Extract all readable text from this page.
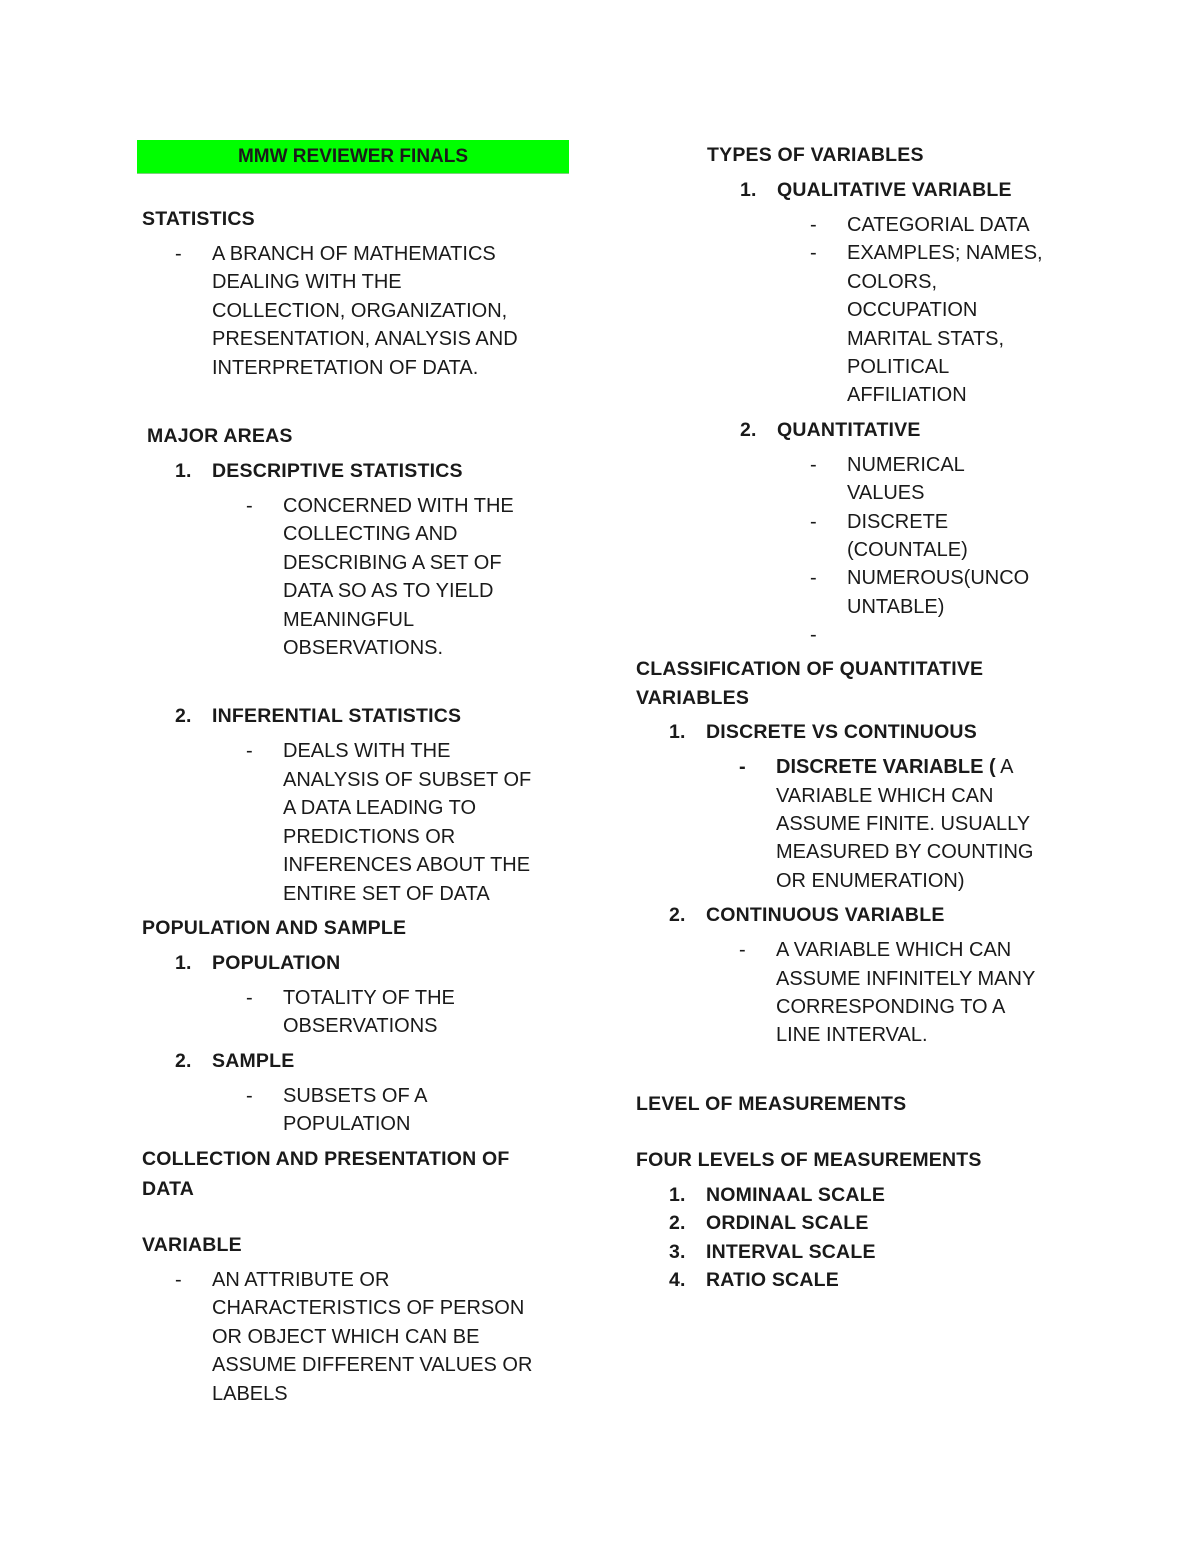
MMW REVIEWER FINALS
STATISTICS
-	A BRANCH OF MATHEMATICS
DEALING WITH THE
COLLECTION, ORGANIZATION,
PRESENTATION, ANALYSIS AND
INTERPRETATION OF DATA.
MAJOR AREAS
1.	DESCRIPTIVE STATISTICS
-	CONCERNED WITH THE
COLLECTING AND
DESCRIBING A SET OF
DATA SO AS TO YIELD
MEANINGFUL
OBSERVATIONS.
2.	INFERENTIAL STATISTICS
-	DEALS WITH THE
ANALYSIS OF SUBSET OF
A DATA LEADING TO
PREDICTIONS OR
INFERENCES ABOUT THE
ENTIRE SET OF DATA
POPULATION AND SAMPLE
1.	POPULATION
-	TOTALITY OF THE
OBSERVATIONS
2.	SAMPLE
-	SUBSETS OF A
POPULATION
COLLECTION AND PRESENTATION OF
DATA
VARIABLE
-	AN ATTRIBUTE OR
CHARACTERISTICS OF PERSON
OR OBJECT WHICH CAN BE
ASSUME DIFFERENT VALUES OR
LABELS
TYPES OF VARIABLES
1.	QUALITATIVE VARIABLE
-	CATEGORIAL DATA
-	EXAMPLES; NAMES,
COLORS,
OCCUPATION
MARITAL STATS,
POLITICAL
AFFILIATION
2.	QUANTITATIVE
-	NUMERICAL
VALUES
-	DISCRETE
(COUNTALE)
-	NUMEROUS(UNCO
UNTABLE)
-
CLASSIFICATION OF QUANTITATIVE
VARIABLES
1.	DISCRETE VS CONTINUOUS
-	DISCRETE VARIABLE ( A
VARIABLE WHICH CAN
ASSUME FINITE. USUALLY
MEASURED BY COUNTING
OR ENUMERATION)
2.	CONTINUOUS VARIABLE
-	A VARIABLE WHICH CAN
ASSUME INFINITELY MANY
CORRESPONDING TO A
LINE INTERVAL.
LEVEL OF MEASUREMENTS
FOUR LEVELS OF MEASUREMENTS
1.	NOMINAAL SCALE
2.	ORDINAL SCALE
3.	INTERVAL SCALE
4.	RATIO SCALE
